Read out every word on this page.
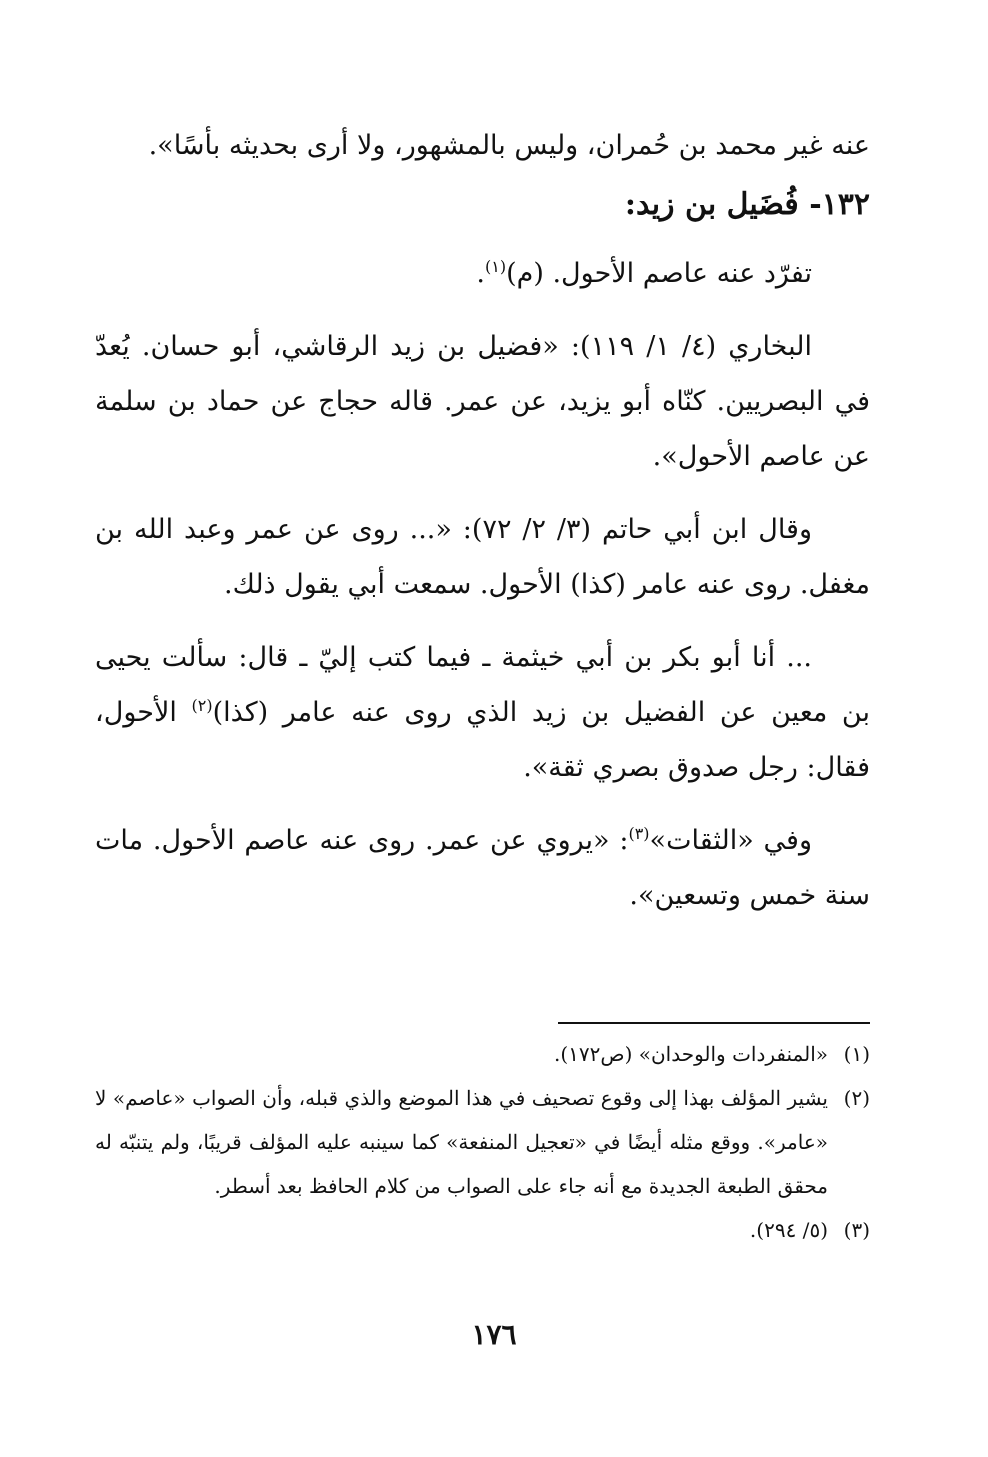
عنه غير محمد بن حُمران، وليس بالمشهور، ولا أرى بحديثه بأسًا».

١٣٢- فُضَيل بن زيد:

تفرّد عنه عاصم الأحول. (م)$^{(١)}$.

البخاري (٤/ ١/ ١١٩): «فضيل بن زيد الرقاشي، أبو حسان. يُعدّ في البصريين. كنّاه أبو يزيد، عن عمر. قاله حجاج عن حماد بن سلمة عن عاصم الأحول».

وقال ابن أبي حاتم (٣/ ٢/ ٧٢): «... روى عن عمر وعبد الله بن مغفل. روى عنه عامر (كذا) الأحول. سمعت أبي يقول ذلك.

... أنا أبو بكر بن أبي خيثمة ـ فيما كتب إليّ ـ قال: سألت يحيى بن معين عن الفضيل بن زيد الذي روى عنه عامر (كذا)$^{(٢)}$ الأحول، فقال: رجل صدوق بصري ثقة».

وفي «الثقات»$^{(٣)}$: «يروي عن عمر. روى عنه عاصم الأحول. مات سنة خمس وتسعين».

(١)
«المنفردات والوحدان» (ص١٧٢).
(٢)
يشير المؤلف بهذا إلى وقوع تصحيف في هذا الموضع والذي قبله، وأن الصواب «عاصم» لا «عامر». ووقع مثله أيضًا في «تعجيل المنفعة» كما سينبه عليه المؤلف قريبًا، ولم يتنبّه له محقق الطبعة الجديدة مع أنه جاء على الصواب من كلام الحافظ بعد أسطر.
(٣)
(٥/ ٢٩٤).
١٧٦
